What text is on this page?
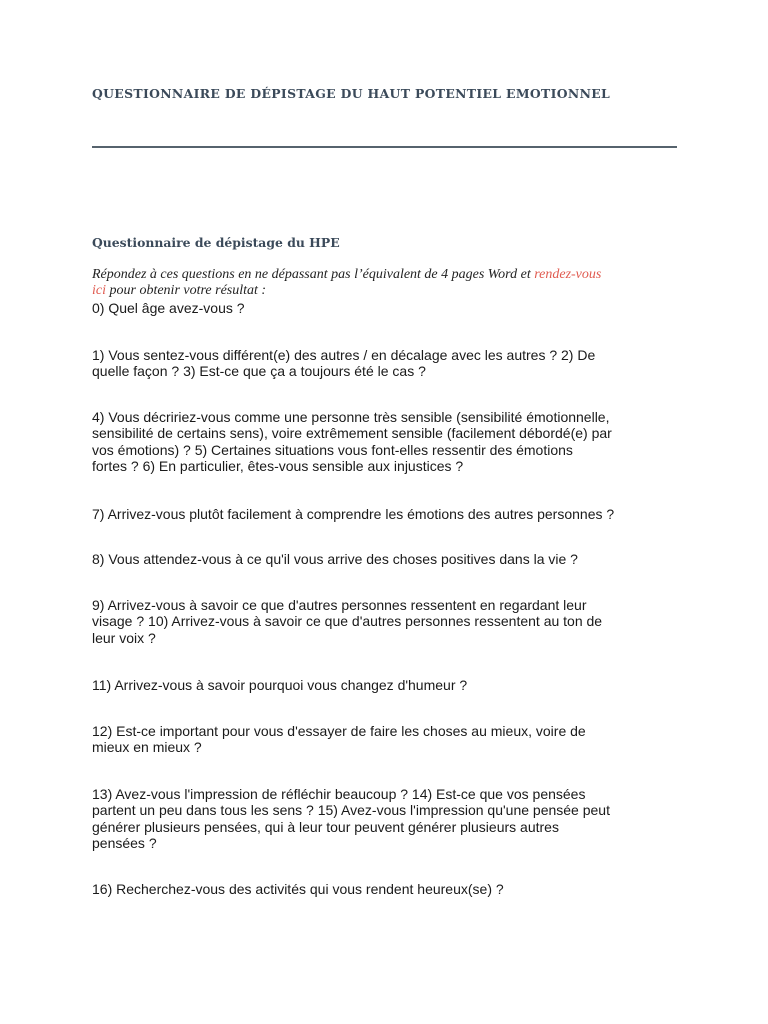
QUESTIONNAIRE DE DÉPISTAGE DU HAUT POTENTIEL EMOTIONNEL
Questionnaire de dépistage du HPE

Répondez à ces questions en ne dépassant pas l’équivalent de 4 pages Word et rendez-vous
ici pour obtenir votre résultat :

0) Quel âge avez-vous ?

1) Vous sentez-vous différent(e) des autres / en décalage avec les autres ? 2) De
quelle façon ? 3) Est-ce que ça a toujours été le cas ?

4) Vous décririez-vous comme une personne très sensible (sensibilité émotionnelle,
sensibilité de certains sens), voire extrêmement sensible (facilement débordé(e) par
vos émotions) ? 5) Certaines situations vous font-elles ressentir des émotions
fortes ? 6) En particulier, êtes-vous sensible aux injustices ?

7) Arrivez-vous plutôt facilement à comprendre les émotions des autres personnes ?

8) Vous attendez-vous à ce qu'il vous arrive des choses positives dans la vie ?

9) Arrivez-vous à savoir ce que d'autres personnes ressentent en regardant leur
visage ? 10) Arrivez-vous à savoir ce que d'autres personnes ressentent au ton de
leur voix ?

11) Arrivez-vous à savoir pourquoi vous changez d'humeur ?

12) Est-ce important pour vous d'essayer de faire les choses au mieux, voire de
mieux en mieux ?

13) Avez-vous l'impression de réfléchir beaucoup ? 14) Est-ce que vos pensées
partent un peu dans tous les sens ? 15) Avez-vous l'impression qu'une pensée peut
générer plusieurs pensées, qui à leur tour peuvent générer plusieurs autres
pensées ?

16) Recherchez-vous des activités qui vous rendent heureux(se) ?
